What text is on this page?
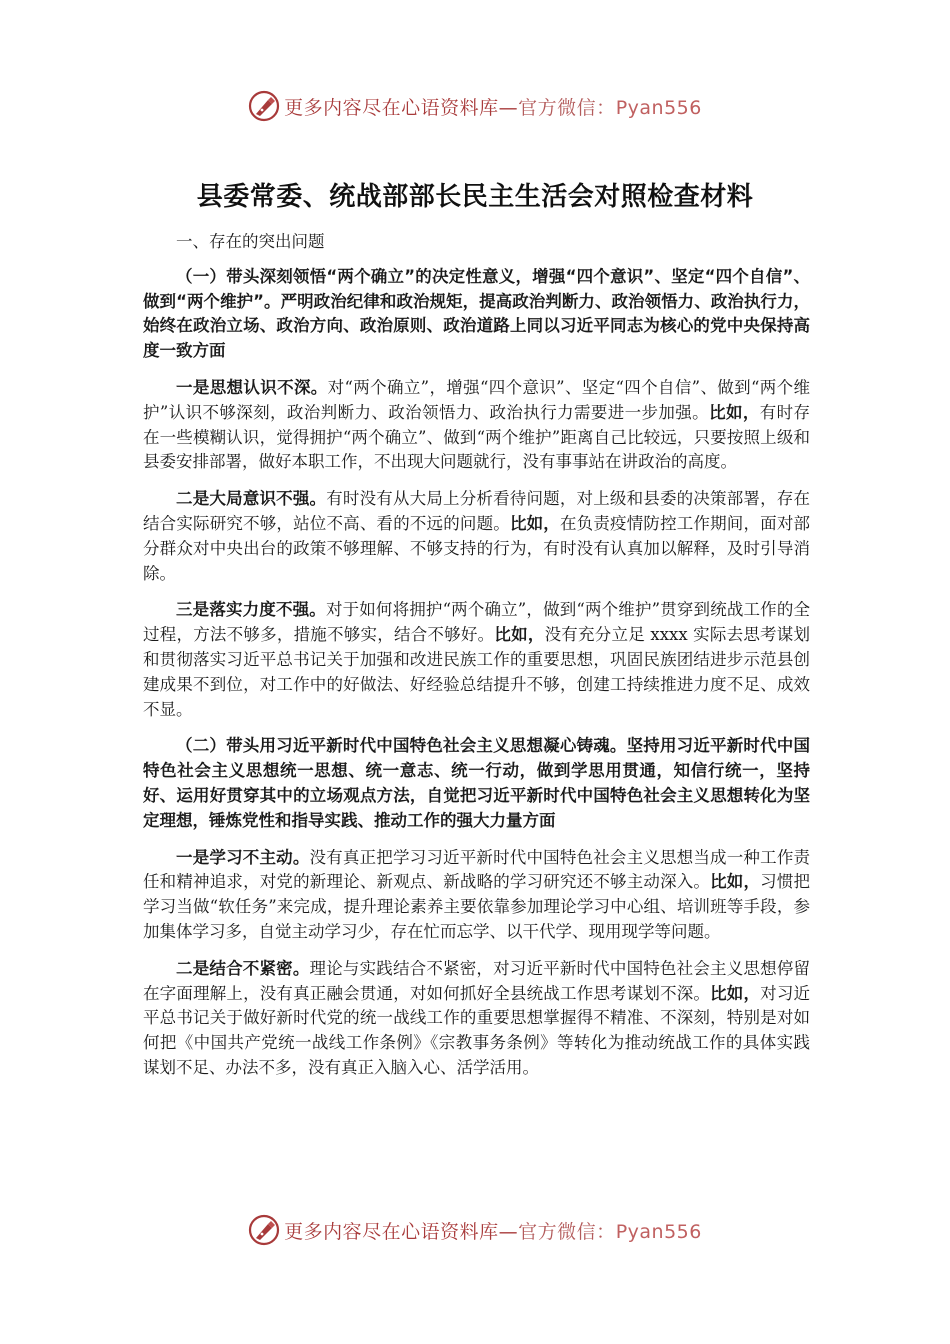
更多内容尽在心语资料库—官方微信：Pyan556
县委常委、统战部部长民主生活会对照检查材料

一、存在的突出问题

（一）带头深刻领悟“两个确立”的决定性意义，增强“四个意识”、坚定“四个自信”、做到“两个维护”。严明政治纪律和政治规矩，提高政治判断力、政治领悟力、政治执行力，始终在政治立场、政治方向、政治原则、政治道路上同以习近平同志为核心的党中央保持高度一致方面

一是思想认识不深。对“两个确立”，增强“四个意识”、坚定“四个自信”、做到“两个维护”认识不够深刻，政治判断力、政治领悟力、政治执行力需要进一步加强。比如，有时存在一些模糊认识，觉得拥护“两个确立”、做到“两个维护”距离自己比较远，只要按照上级和县委安排部署，做好本职工作，不出现大问题就行，没有事事站在讲政治的高度。

二是大局意识不强。有时没有从大局上分析看待问题，对上级和县委的决策部署，存在结合实际研究不够，站位不高、看的不远的问题。比如，在负责疫情防控工作期间，面对部分群众对中央出台的政策不够理解、不够支持的行为，有时没有认真加以解释，及时引导消除。

三是落实力度不强。对于如何将拥护“两个确立”，做到“两个维护”贯穿到统战工作的全过程，方法不够多，措施不够实，结合不够好。比如，没有充分立足 xxxx 实际去思考谋划和贯彻落实习近平总书记关于加强和改进民族工作的重要思想，巩固民族团结进步示范县创建成果不到位，对工作中的好做法、好经验总结提升不够，创建工持续推进力度不足、成效不显。

（二）带头用习近平新时代中国特色社会主义思想凝心铸魂。坚持用习近平新时代中国特色社会主义思想统一思想、统一意志、统一行动，做到学思用贯通，知信行统一，坚持好、运用好贯穿其中的立场观点方法，自觉把习近平新时代中国特色社会主义思想转化为坚定理想，锤炼党性和指导实践、推动工作的强大力量方面

一是学习不主动。没有真正把学习习近平新时代中国特色社会主义思想当成一种工作责任和精神追求，对党的新理论、新观点、新战略的学习研究还不够主动深入。比如，习惯把学习当做“软任务”来完成，提升理论素养主要依靠参加理论学习中心组、培训班等手段，参加集体学习多，自觉主动学习少，存在忙而忘学、以干代学、现用现学等问题。

二是结合不紧密。理论与实践结合不紧密，对习近平新时代中国特色社会主义思想停留在字面理解上，没有真正融会贯通，对如何抓好全县统战工作思考谋划不深。比如，对习近平总书记关于做好新时代党的统一战线工作的重要思想掌握得不精准、不深刻，特别是对如何把《中国共产党统一战线工作条例》《宗教事务条例》等转化为推动统战工作的具体实践谋划不足、办法不多，没有真正入脑入心、活学活用。

更多内容尽在心语资料库—官方微信：Pyan556
